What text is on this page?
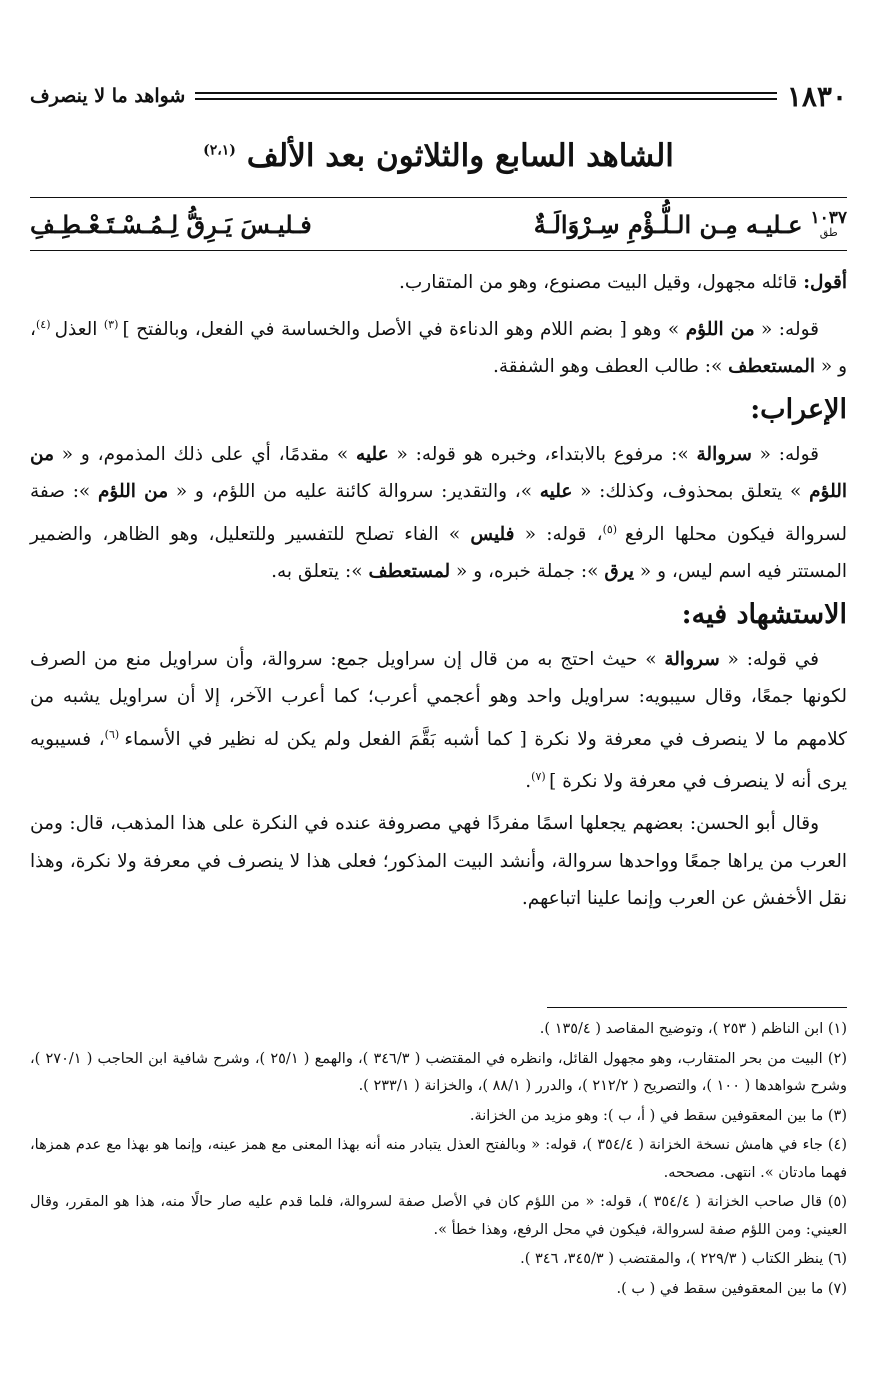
١٨٣٠
شواهد ما لا ينصرف
الشاهد السابع والثلاثون بعد الألف $^{(٢،١)}$
١٠٣٧
طق
عـليـه مِـن الـلُّـؤْمِ سِـرْوَالَـةٌ
فـليـسَ يَـرِقُّ لِـمُـسْـتَـعْـطِـفِ

أقول: قائله مجهول، وقيل البيت مصنوع، وهو من المتقارب.

قوله: « من اللؤم » وهو [ بضم اللام وهو الدناءة في الأصل والخساسة في الفعل، وبالفتح ] $^{(٣)}$ العذل $^{(٤)}$، و « المستعطف »: طالب العطف وهو الشفقة.

الإعراب:

قوله: « سروالة »: مرفوع بالابتداء، وخبره هو قوله: « عليه » مقدمًا، أي على ذلك المذموم، و « من اللؤم » يتعلق بمحذوف، وكذلك: « عليه »، والتقدير: سروالة كائنة عليه من اللؤم، و « من اللؤم »: صفة لسروالة فيكون محلها الرفع $^{(٥)}$، قوله: « فليس » الفاء تصلح للتفسير وللتعليل، وهو الظاهر، والضمير المستتر فيه اسم ليس، و « يرق »: جملة خبره، و « لمستعطف »: يتعلق به.

الاستشهاد فيه:

في قوله: « سروالة » حيث احتج به من قال إن سراويل جمع: سروالة، وأن سراويل منع من الصرف لكونها جمعًا، وقال سيبويه: سراويل واحد وهو أعجمي أعرب؛ كما أعرب الآخر، إلا أن سراويل يشبه من كلامهم ما لا ينصرف في معرفة ولا نكرة [ كما أشبه بَقَّمَ الفعل ولم يكن له نظير في الأسماء $^{(٦)}$، فسيبويه يرى أنه لا ينصرف في معرفة ولا نكرة ] $^{(٧)}$.

وقال أبو الحسن: بعضهم يجعلها اسمًا مفردًا فهي مصروفة عنده في النكرة على هذا المذهب، قال: ومن العرب من يراها جمعًا وواحدها سروالة، وأنشد البيت المذكور؛ فعلى هذا لا ينصرف في معرفة ولا نكرة، وهذا نقل الأخفش عن العرب وإنما علينا اتباعهم.

(١) ابن الناظم ( ٢٥٣ )، وتوضيح المقاصد ( ١٣٥/٤ ).
(٢) البيت من بحر المتقارب، وهو مجهول القائل، وانظره في المقتضب ( ٣٤٦/٣ )، والهمع ( ٢٥/١ )، وشرح شافية ابن الحاجب ( ٢٧٠/١ )، وشرح شواهدها ( ١٠٠ )، والتصريح ( ٢١٢/٢ )، والدرر ( ٨٨/١ )، والخزانة ( ٢٣٣/١ ).
(٣) ما بين المعقوفين سقط في ( أ، ب ): وهو مزيد من الخزانة.
(٤) جاء في هامش نسخة الخزانة ( ٣٥٤/٤ )، قوله: « وبالفتح العذل يتبادر منه أنه بهذا المعنى مع همز عينه، وإنما هو بهذا مع عدم همزها، فهما مادتان ». انتهى. مصححه.
(٥) قال صاحب الخزانة ( ٣٥٤/٤ )، قوله: « من اللؤم كان في الأصل صفة لسروالة، فلما قدم عليه صار حالًا منه، هذا هو المقرر، وقال العيني: ومن اللؤم صفة لسروالة، فيكون في محل الرفع، وهذا خطأ ».
(٦) ينظر الكتاب ( ٢٢٩/٣ )، والمقتضب ( ٣٤٥/٣، ٣٤٦ ).
(٧) ما بين المعقوفين سقط في ( ب ).
